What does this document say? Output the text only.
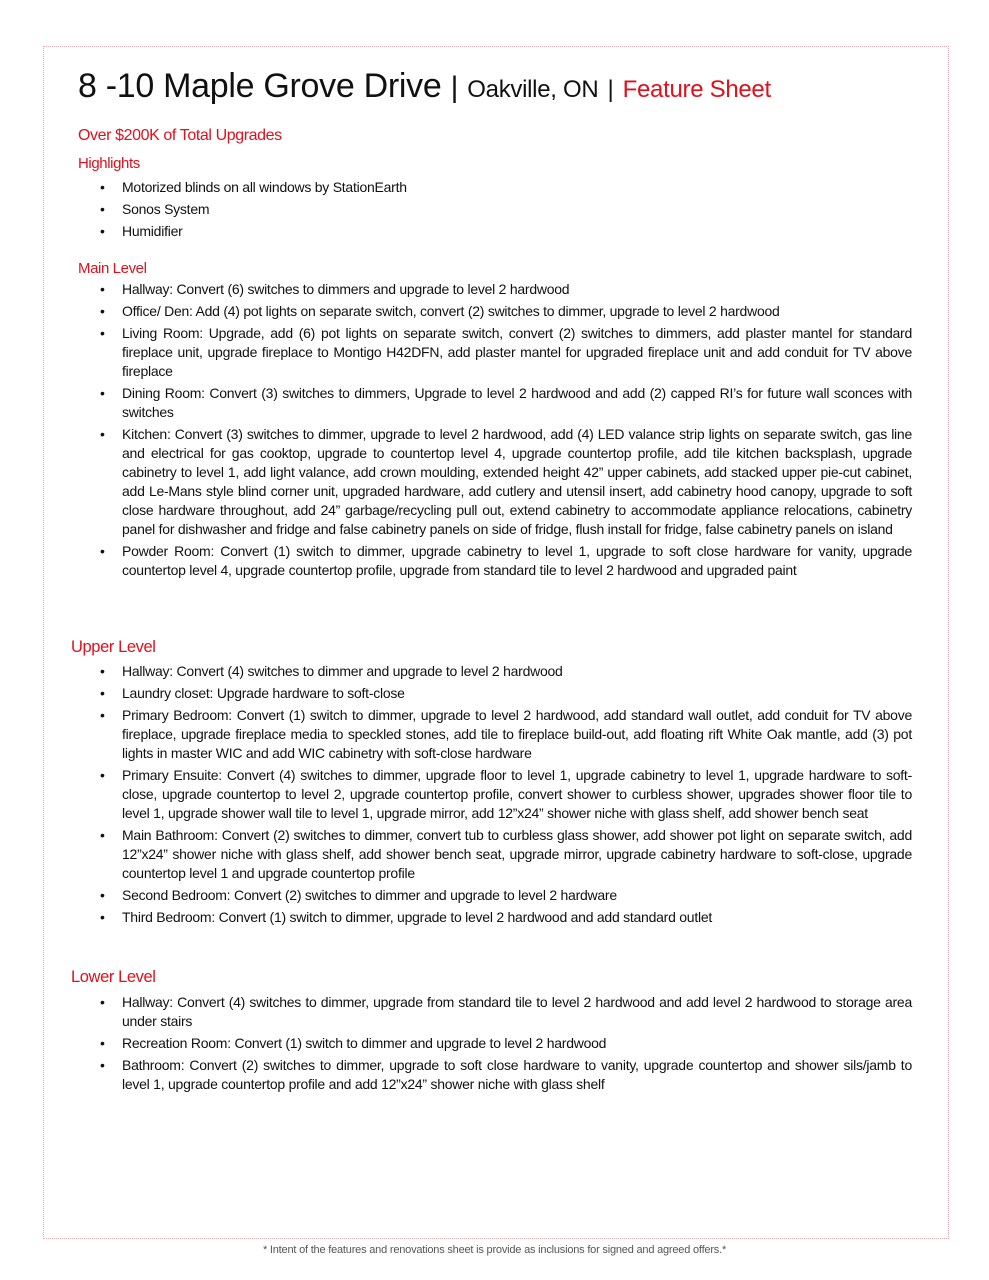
8 -10 Maple Grove Drive | Oakville, ON | Feature Sheet
Over $200K of Total Upgrades
Highlights
• Motorized blinds on all windows by StationEarth
• Sonos System
• Humidifier
Main Level
• Hallway: Convert (6) switches to dimmers and upgrade to level 2 hardwood
• Office/ Den: Add (4) pot lights on separate switch, convert (2) switches to dimmer, upgrade to level 2 hardwood
• Living Room: Upgrade, add (6) pot lights on separate switch, convert (2) switches to dimmers, add plaster mantel for standard fireplace unit, upgrade fireplace to Montigo H42DFN, add plaster mantel for upgraded fireplace unit and add conduit for TV above fireplace
• Dining Room: Convert (3) switches to dimmers, Upgrade to level 2 hardwood and add (2) capped RI’s for future wall sconces with switches
• Kitchen: Convert (3) switches to dimmer, upgrade to level 2 hardwood, add (4) LED valance strip lights on separate switch, gas line and electrical for gas cooktop, upgrade to countertop level 4, upgrade countertop profile, add tile kitchen backsplash, upgrade cabinetry to level 1, add light valance, add crown moulding, extended height 42” upper cabinets, add stacked upper pie-cut cabinet, add Le-Mans style blind corner unit, upgraded hardware, add cutlery and utensil insert, add cabinetry hood canopy, upgrade to soft close hardware throughout, add 24” garbage/recycling pull out, extend cabinetry to accommodate appliance relocations, cabinetry panel for dishwasher and fridge and false cabinetry panels on side of fridge, flush install for fridge, false cabinetry panels on island
• Powder Room: Convert (1) switch to dimmer, upgrade cabinetry to level 1, upgrade to soft close hardware for vanity, upgrade countertop level 4, upgrade countertop profile, upgrade from standard tile to level 2 hardwood and upgraded paint
Upper Level
• Hallway: Convert (4) switches to dimmer and upgrade to level 2 hardwood
• Laundry closet: Upgrade hardware to soft-close
• Primary Bedroom: Convert (1) switch to dimmer, upgrade to level 2 hardwood, add standard wall outlet, add conduit for TV above fireplace, upgrade fireplace media to speckled stones, add tile to fireplace build-out, add floating rift White Oak mantle, add (3) pot lights in master WIC and add WIC cabinetry with soft-close hardware
• Primary Ensuite: Convert (4) switches to dimmer, upgrade floor to level 1, upgrade cabinetry to level 1, upgrade hardware to soft-close, upgrade countertop to level 2, upgrade countertop profile, convert shower to curbless shower, upgrades shower floor tile to level 1, upgrade shower wall tile to level 1, upgrade mirror, add 12”x24” shower niche with glass shelf, add shower bench seat
• Main Bathroom: Convert (2) switches to dimmer, convert tub to curbless glass shower, add shower pot light on separate switch, add 12”x24” shower niche with glass shelf, add shower bench seat, upgrade mirror, upgrade cabinetry hardware to soft-close, upgrade countertop level 1 and upgrade countertop profile
• Second Bedroom: Convert (2) switches to dimmer and upgrade to level 2 hardware
• Third Bedroom: Convert (1) switch to dimmer, upgrade to level 2 hardwood and add standard outlet
Lower Level
• Hallway: Convert (4) switches to dimmer, upgrade from standard tile to level 2 hardwood and add level 2 hardwood to storage area under stairs
• Recreation Room: Convert (1) switch to dimmer and upgrade to level 2 hardwood
• Bathroom: Convert (2) switches to dimmer, upgrade to soft close hardware to vanity, upgrade countertop and shower sils/jamb to level 1, upgrade countertop profile and add 12”x24” shower niche with glass shelf
* Intent of the features and renovations sheet is provide as inclusions for signed and agreed offers.*
